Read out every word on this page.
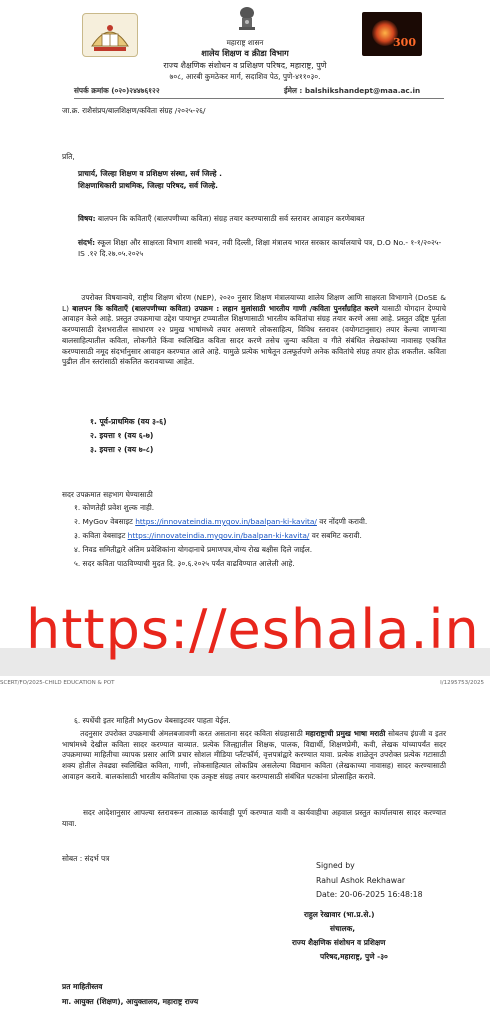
300
महाराष्ट्र शासन
शालेय शिक्षण व क्रीडा विभाग
राज्य शैक्षणिक संशोधन व प्रशिक्षण परिषद, महाराष्ट्र, पुणे
७०८, आरबी कुमठेकर मार्ग, सदाशिव पेठ, पुणे-४११०३०.
संपर्क क्रमांक (०२०)२४४७६१२२	ईमेल : balshikshandept@maa.ac.in
जा.क्र. राशैसंप्रप/बालशिक्षण/कविता संग्रह /२०२५-२६/
प्रति,
प्राचार्य, जिल्हा शिक्षण व प्रशिक्षण संस्था, सर्व जिल्हे .
शिक्षणाधिकारी प्राथमिक, जिल्हा परिषद, सर्व जिल्हे.
विषय: बालपन कि कविताएँ (बालपणीच्या कविता) संग्रह तयार करण्यासाठी सर्व स्तरावर आवाहन करणेबाबत
संदर्भ: स्कूल शिक्षा और साक्षरता विभाग शास्त्री भवन, नवी दिल्ली, शिक्षा मंत्रालय भारत सरकार कार्यालयाचे पत्र, D.O No.- १-१/२०२५-IS .१२ दि.२७.०५.२०२५
उपरोक्त विषयान्वये, राष्ट्रीय शिक्षण धोरण (NEP), २०२० नुसार शिक्षण मंत्रालयाच्या शालेय शिक्षण आणि साक्षरता विभागाने (DoSE & L) बालपन कि कविताएँ (बालपणीच्या कविता) उपक्रम : लहान मुलांसाठी भारतीय गाणी /कविता पुनर्संग्रहित करणे यासाठी योगदान देण्याचे आवाहन केले आहे. प्रस्तुत उपक्रमाचा उद्देश पायाभूत टप्प्यातील शिक्षणासाठी भारतीय कवितांचा संग्रह तयार करणे असा आहे. प्रस्तुत उद्दिष्ट पूर्तता करण्यासाठी देशभरातील साधारण २२ प्रमुख भाषांमध्ये तयार असणारे लोकसाहित्य, विविध स्तरावर (वयोगटानुसार) तयार केल्या जाणाऱ्या बालसाहित्यातील कविता, लोकगीते किंवा स्वलिखित कविता सादर करणे तसेच जुन्या कविता व गीते संबंधित लेखकांच्या नावासह एकत्रित करण्यासाठी नमूद संदर्भानुसार आवाहन करण्यात आले आहे. यामुळे प्रत्येक भाषेतून उत्स्फूर्तपणे अनेक कवितांचे संग्रह तयार होऊ शकतील. कविता पुढील तीन स्तरांसाठी संकलित करावयाच्या आहेत.
१. पूर्व-प्राथमिक (वय ३-६)
२. इयत्ता १ (वय ६-७)
३. इयत्ता २ (वय ७-८)
सदर उपक्रमात सहभाग घेण्यासाठी
१. कोणतेही प्रवेश शुल्क नाही.
२. MyGov वेबसाइट https://innovateindia.mygov.in/baalpan-ki-kavita/ वर नोंदणी करावी.
३. कविता वेबसाइट https://innovateindia.mygov.in/baalpan-ki-kavita/ वर सबमिट करावी.
४. निवड समितीद्वारे अंतिम प्रवेशिकांना योगदानाचे प्रमाणपत्र,योग्य रोख बक्षीस दिले जाईल.
५. सदर कविता पाठविण्याची मुदत दि. ३०.६.२०२५ पर्यंत वाढविण्यात आलेली आहे.
https://eshala.in
SCERT/FO/2025-CHILD EDUCATION & POT	I/1295753/2025
६. स्पर्धेची इतर माहिती MyGov वेबसाइटवर पाहता येईल.
तदनुसार उपरोक्त उपक्रमाची अंमलबजावणी करत असताना सदर कविता संग्रहासाठी महाराष्ट्राची प्रमुख भाषा मराठी सोबतच इंग्रजी व इतर भाषांमध्ये देखील कविता सादर करण्यात याव्यात. प्रत्येक जिल्ह्यातील शिक्षक, पालक, विद्यार्थी, शिक्षणप्रेमी, कवी, लेखक यांच्यापर्यंत सदर उपक्रमाच्या माहितीचा व्यापक प्रसार आणि प्रचार सोशल मीडिया प्लॅटफॉर्म, वृत्तपत्रांद्वारे करण्यात यावा. प्रत्येक शाळेतून उपरोक्त प्रत्येक गटासाठी शक्य होतील तेवढ्या स्वलिखित कविता, गाणी, लोकसाहित्यात लोकप्रिय असलेल्या विद्यमान कविता (लेखकाच्या नावासह) सादर करण्यासाठी आवाहन करावे. बालकांसाठी भारतीय कवितांचा एक उत्कृष्ट संग्रह तयार करण्यासाठी संबंधित घटकांना प्रोत्साहित करावे.
सदर आदेशानुसार आपल्या स्तरावरून तात्काळ कार्यवाही पूर्ण करण्यात यावी व कार्यवाहीचा अहवाल प्रस्तुत कार्यालयास सादर करण्यात यावा.
सोबत : संदर्भ पत्र
Signed by
Rahul Ashok Rekhawar
Date: 20-06-2025 16:48:18
राहुल रेखावार (भा.प्र.से.)
संचालक,
राज्य शैक्षणिक संशोधन व प्रशिक्षण
परिषद,महाराष्ट्र, पुणे -३०
प्रत माहितीस्तव
मा. आयुक्त (शिक्षण), आयुक्तालय, महाराष्ट्र राज्य
